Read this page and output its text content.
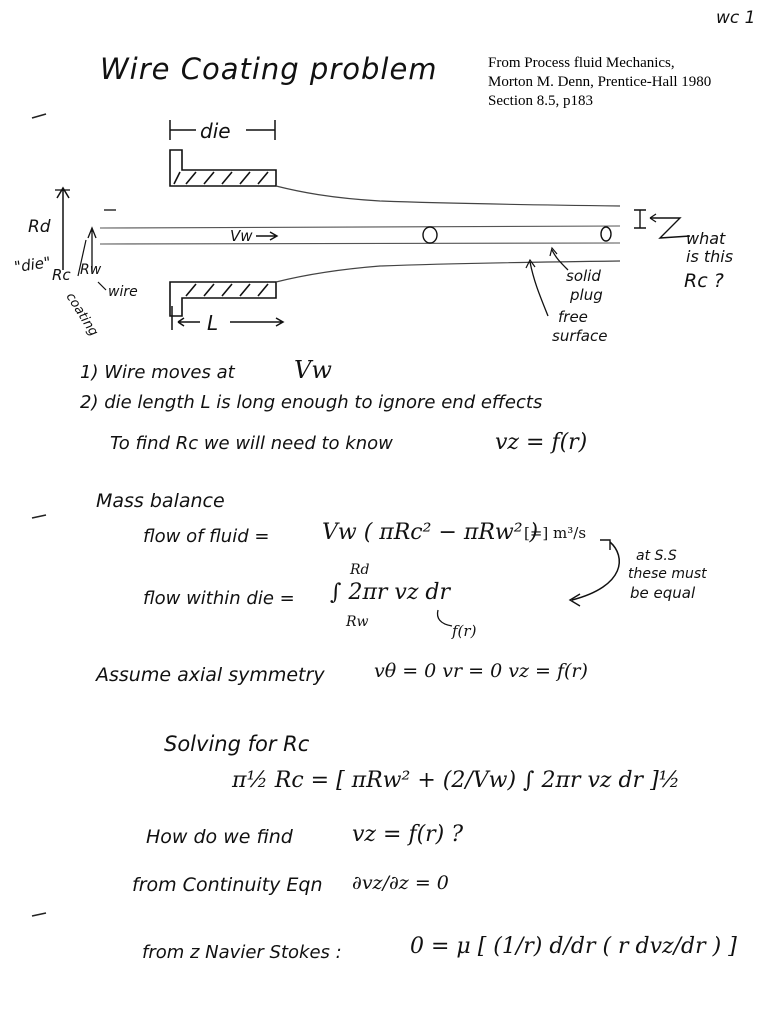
wc 1
Wire Coating problem	From Process fluid Mechanics,
Morton M. Denn, Prentice-Hall 1980
Section 8.5, p183
die
Vw
Rd
"die" Rc Rw
coating wire
L
solid
plug
free
surface
what
is this
Rc ?
1) Wire moves at Vw
2) die length L is long enough to ignore end effects
To find Rc we will need to know	vz = f(r)
Mass balance
flow of fluid = Vw ( πRc² − πRw² )
[=] m³/s
flow within die = ∫ 2πr vz dr
Rd
Rw	f(r)
at S.S
these must
be equal
Assume axial symmetry	vθ = 0 vr = 0 vz = f(r)
Solving for Rc
π½ Rc = [ πRw² + (2/Vw) ∫ 2πr vz dr ]½
How do we find	vz = f(r) ?
from Continuity Eqn ∂vz/∂z = 0
from z Navier Stokes :	0 = μ [ (1/r) d/dr ( r dvz/dr ) ]
